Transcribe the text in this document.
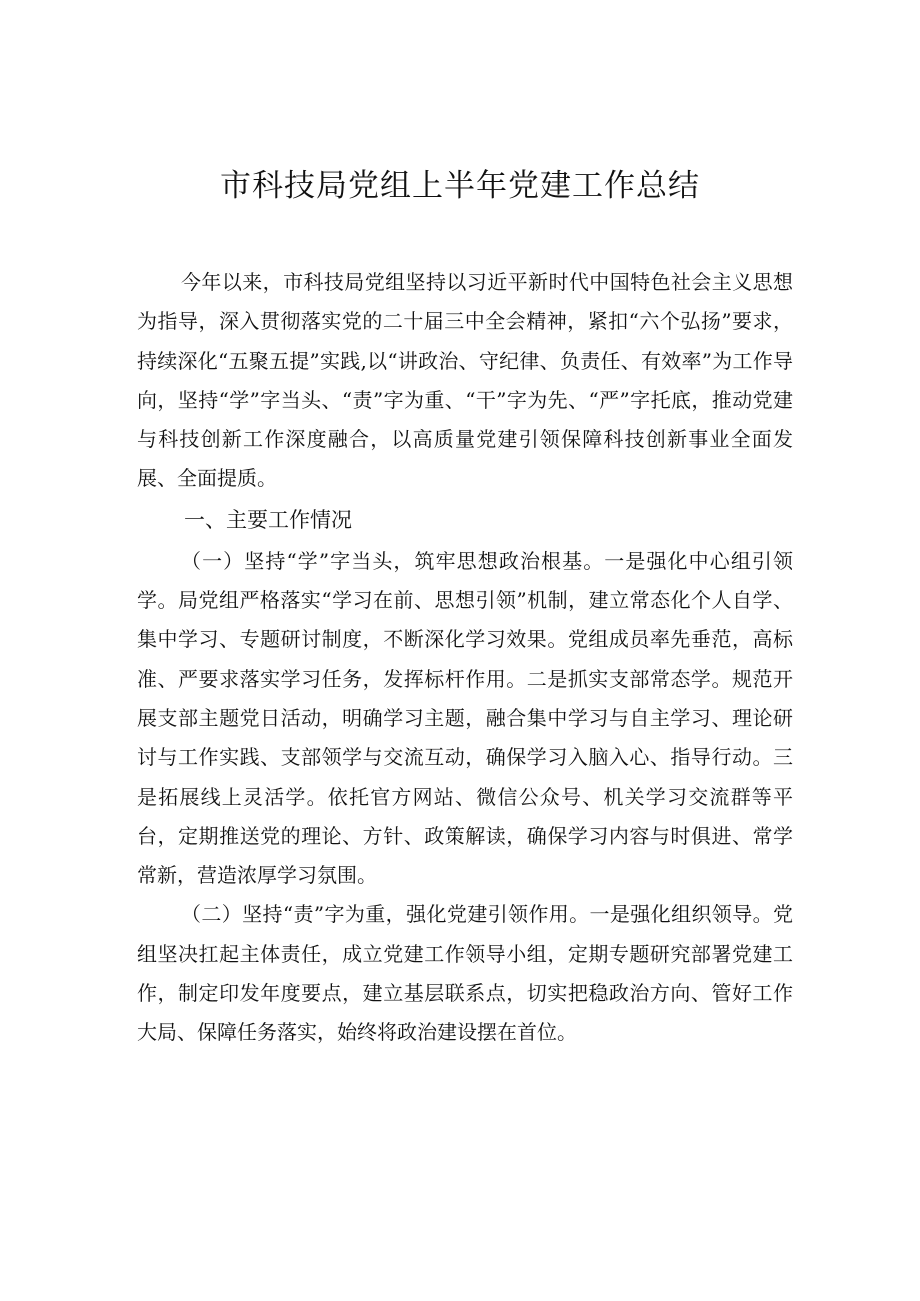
市科技局党组上半年党建工作总结

今年以来，市科技局党组坚持以习近平新时代中国特色社会主义思想为指导，深入贯彻落实党的二十届三中全会精神，紧扣“六个弘扬”要求，持续深化“五聚五提”实践,以“讲政治、守纪律、负责任、有效率”为工作导向，坚持“学”字当头、“责”字为重、“干”字为先、“严”字托底，推动党建与科技创新工作深度融合，以高质量党建引领保障科技创新事业全面发展、全面提质。

一、主要工作情况

（一）坚持“学”字当头，筑牢思想政治根基。一是强化中心组引领学。局党组严格落实“学习在前、思想引领”机制，建立常态化个人自学、集中学习、专题研讨制度，不断深化学习效果。党组成员率先垂范，高标准、严要求落实学习任务，发挥标杆作用。二是抓实支部常态学。规范开展支部主题党日活动，明确学习主题，融合集中学习与自主学习、理论研讨与工作实践、支部领学与交流互动，确保学习入脑入心、指导行动。三是拓展线上灵活学。依托官方网站、微信公众号、机关学习交流群等平台，定期推送党的理论、方针、政策解读，确保学习内容与时俱进、常学常新，营造浓厚学习氛围。

（二）坚持“责”字为重，强化党建引领作用。一是强化组织领导。党组坚决扛起主体责任，成立党建工作领导小组，定期专题研究部署党建工作，制定印发年度要点，建立基层联系点，切实把稳政治方向、管好工作大局、保障任务落实，始终将政治建设摆在首位。
